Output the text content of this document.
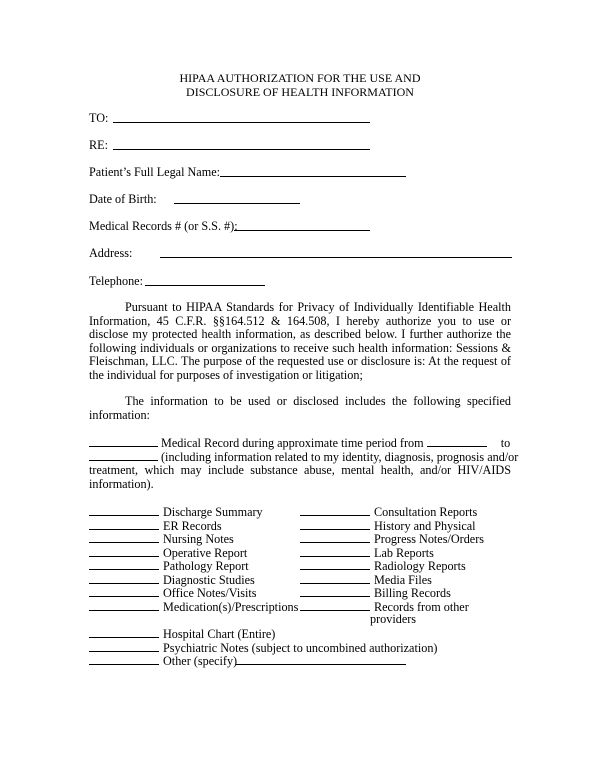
HIPAA AUTHORIZATION FOR THE USE AND
DISCLOSURE OF HEALTH INFORMATION
TO:
RE:
Patient’s Full Legal Name:
Date of Birth:
Medical Records # (or S.S. #):
Address:
Telephone:
Pursuant to HIPAA Standards for Privacy of Individually Identifiable Health Information, 45 C.F.R. §§164.512 & 164.508, I hereby authorize you to use or disclose my protected health information, as described below. I further authorize the following individuals or organizations to receive such health information: Sessions & Fleischman, LLC. The purpose of the requested use or disclosure is: At the request of the individual for purposes of investigation or litigation;
The information to be used or disclosed includes the following specified information:
Medical Record during approximate time period from	to
(including information related to my identity, diagnosis, prognosis and/or
treatment, which may include substance abuse, mental health, and/or HIV/AIDS
information).
Discharge Summary
ER Records
Nursing Notes
Operative Report
Pathology Report
Diagnostic Studies
Office Notes/Visits
Medication(s)/Prescriptions
Consultation Reports
History and Physical
Progress Notes/Orders
Lab Reports
Radiology Reports
Media Files
Billing Records
Records from other
providers
Hospital Chart (Entire)
Psychiatric Notes (subject to uncombined authorization)
Other (specify)
